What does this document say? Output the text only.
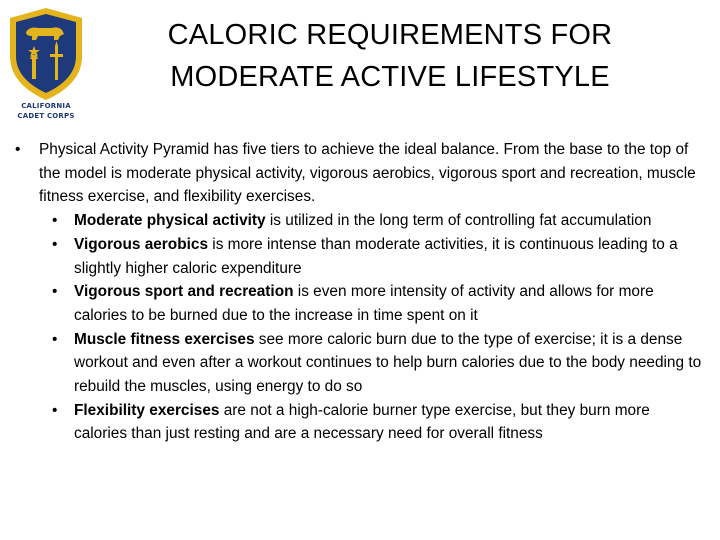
CALIFORNIA
CADET CORPS
CALORIC REQUIREMENTS FOR
MODERATE ACTIVE LIFESTYLE
• Physical Activity Pyramid has five tiers to achieve the ideal balance. From the base to the top of the model is moderate physical activity, vigorous aerobics, vigorous sport and recreation, muscle fitness exercise, and flexibility exercises.
• Moderate physical activity is utilized in the long term of controlling fat accumulation
• Vigorous aerobics is more intense than moderate activities, it is continuous leading to a slightly higher caloric expenditure
• Vigorous sport and recreation is even more intensity of activity and allows for more calories to be burned due to the increase in time spent on it
• Muscle fitness exercises see more caloric burn due to the type of exercise; it is a dense workout and even after a workout continues to help burn calories due to the body needing to rebuild the muscles, using energy to do so
• Flexibility exercises are not a high-calorie burner type exercise, but they burn more calories than just resting and are a necessary need for overall fitness
